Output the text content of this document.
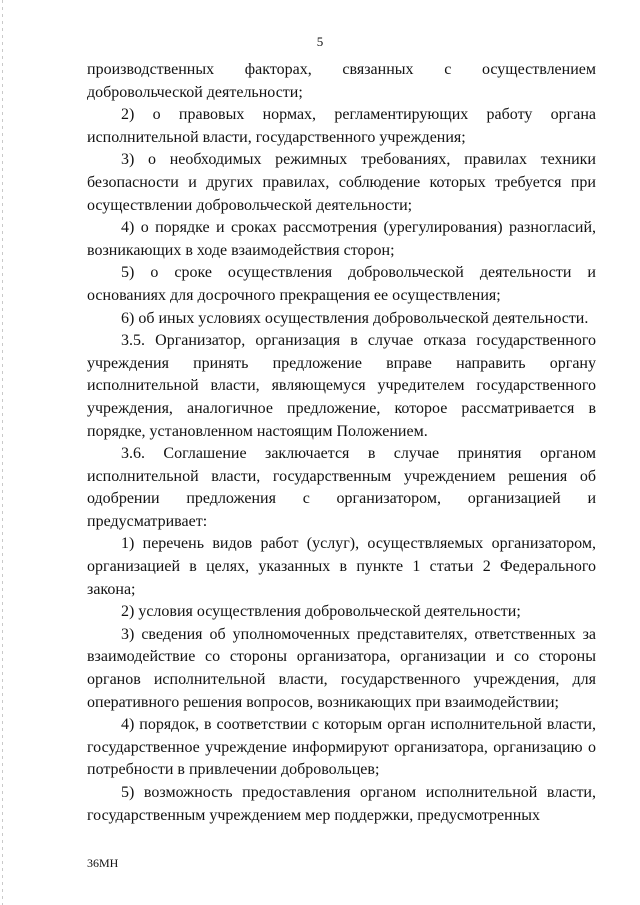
5

производственных факторах, связанных с осуществлением добровольческой деятельности;

2) о правовых нормах, регламентирующих работу органа исполнительной власти, государственного учреждения;

3) о необходимых режимных требованиях, правилах техники безопасности и других правилах, соблюдение которых требуется при осуществлении добровольческой деятельности;

4) о порядке и сроках рассмотрения (урегулирования) разногласий, возникающих в ходе взаимодействия сторон;

5) о сроке осуществления добровольческой деятельности и основаниях для досрочного прекращения ее осуществления;

6) об иных условиях осуществления добровольческой деятельности.

3.5. Организатор, организация в случае отказа государственного учреждения принять предложение вправе направить органу исполнительной власти, являющемуся учредителем государственного учреждения, аналогичное предложение, которое рассматривается в порядке, установленном настоящим Положением.

3.6. Соглашение заключается в случае принятия органом исполнительной власти, государственным учреждением решения об одобрении предложения с организатором, организацией и предусматривает:

1) перечень видов работ (услуг), осуществляемых организатором, организацией в целях, указанных в пункте 1 статьи 2 Федерального закона;

2) условия осуществления добровольческой деятельности;

3) сведения об уполномоченных представителях, ответственных за взаимодействие со стороны организатора, организации и со стороны органов исполнительной власти, государственного учреждения, для оперативного решения вопросов, возникающих при взаимодействии;

4) порядок, в соответствии с которым орган исполнительной власти, государственное учреждение информируют организатора, организацию о потребности в привлечении добровольцев;

5) возможность предоставления органом исполнительной власти, государственным учреждением мер поддержки, предусмотренных

36МН
